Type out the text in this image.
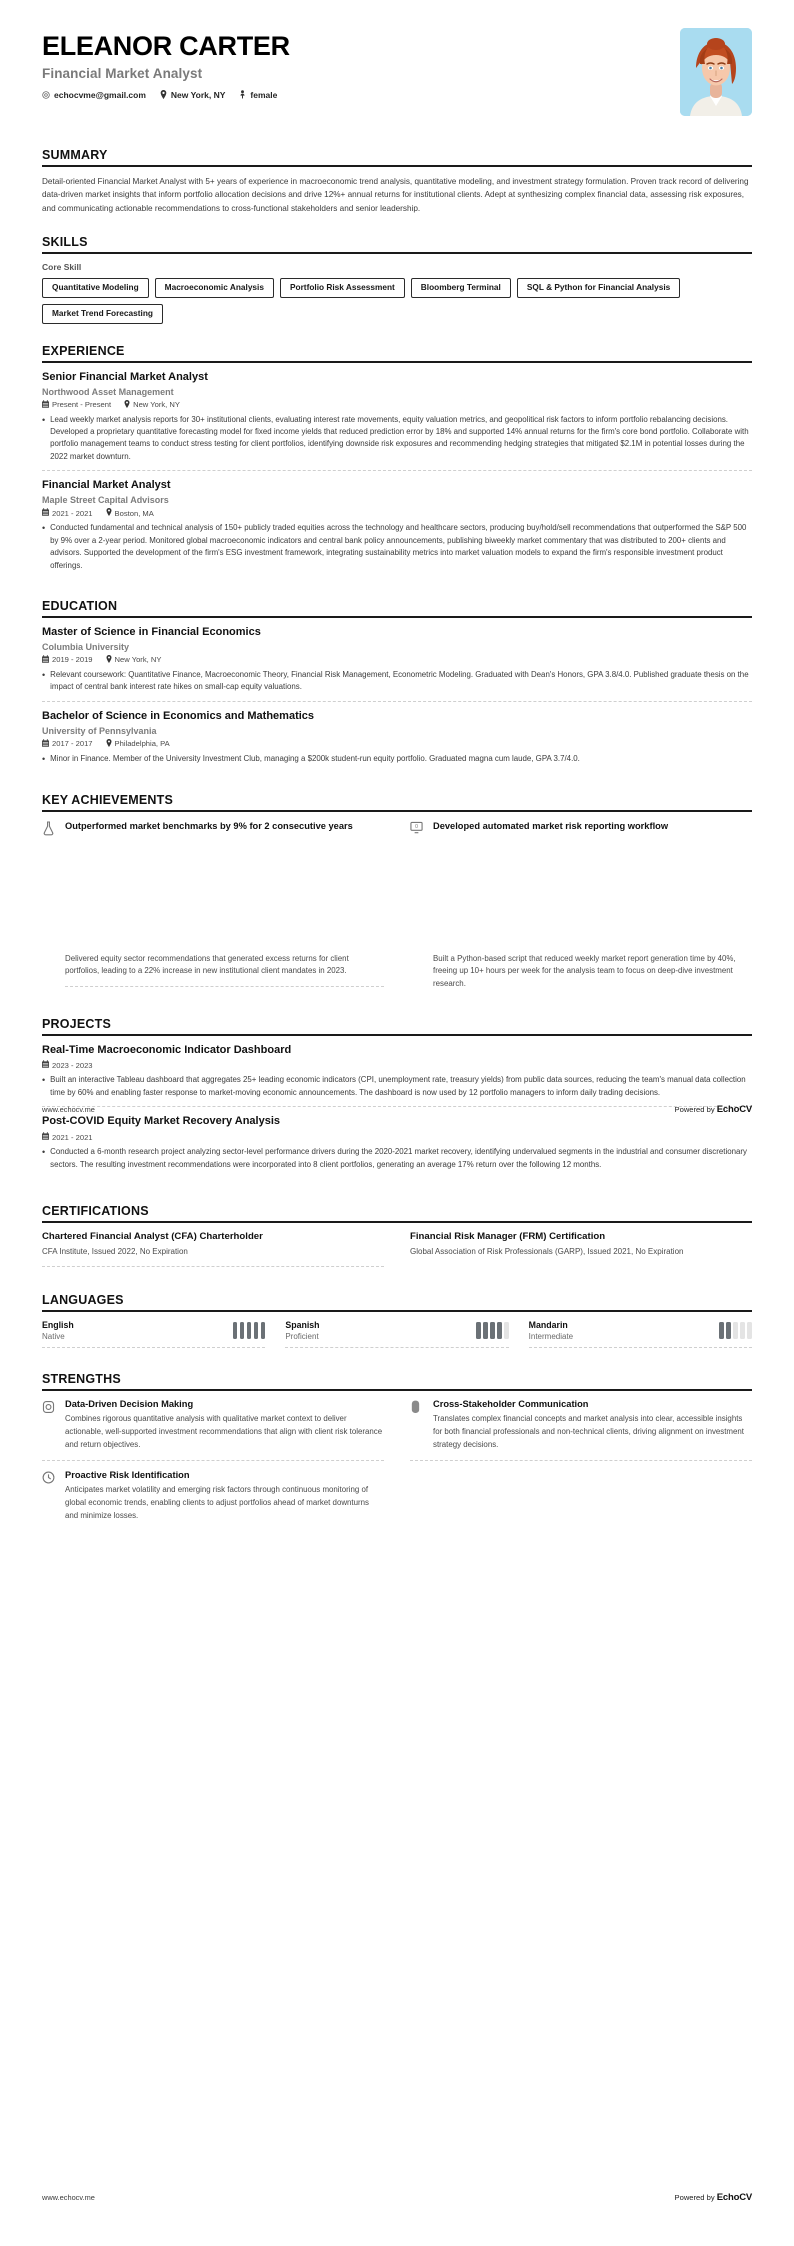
ELEANOR CARTER
Financial Market Analyst
echocvme@gmail.com	New York, NY	female
SUMMARY
Detail-oriented Financial Market Analyst with 5+ years of experience in macroeconomic trend analysis, quantitative modeling, and investment strategy formulation. Proven track record of delivering data-driven market insights that inform portfolio allocation decisions and drive 12%+ annual returns for institutional clients. Adept at synthesizing complex financial data, assessing risk exposures, and communicating actionable recommendations to cross-functional stakeholders and senior leadership.
SKILLS
Core Skill
Quantitative Modeling	Macroeconomic Analysis	Portfolio Risk Assessment	Bloomberg Terminal	SQL & Python for Financial Analysis
Market Trend Forecasting
EXPERIENCE
Senior Financial Market Analyst
Northwood Asset Management
Present - Present	New York, NY
• Lead weekly market analysis reports for 30+ institutional clients, evaluating interest rate movements, equity valuation metrics, and geopolitical risk factors to inform portfolio rebalancing decisions. Developed a proprietary quantitative forecasting model for fixed income yields that reduced prediction error by 18% and supported 14% annual returns for the firm's core bond portfolio. Collaborate with portfolio management teams to conduct stress testing for client portfolios, identifying downside risk exposures and recommending hedging strategies that mitigated $2.1M in potential losses during the 2022 market downturn.
Financial Market Analyst
Maple Street Capital Advisors
2021 - 2021	Boston, MA
• Conducted fundamental and technical analysis of 150+ publicly traded equities across the technology and healthcare sectors, producing buy/hold/sell recommendations that outperformed the S&P 500 by 9% over a 2-year period. Monitored global macroeconomic indicators and central bank policy announcements, publishing biweekly market commentary that was distributed to 200+ clients and advisors. Supported the development of the firm's ESG investment framework, integrating sustainability metrics into market valuation models to expand the firm's responsible investment product offerings.
EDUCATION
Master of Science in Financial Economics
Columbia University
2019 - 2019	New York, NY
• Relevant coursework: Quantitative Finance, Macroeconomic Theory, Financial Risk Management, Econometric Modeling. Graduated with Dean's Honors, GPA 3.8/4.0. Published graduate thesis on the impact of central bank interest rate hikes on small-cap equity valuations.
Bachelor of Science in Economics and Mathematics
University of Pennsylvania
2017 - 2017	Philadelphia, PA
• Minor in Finance. Member of the University Investment Club, managing a $200k student-run equity portfolio. Graduated magna cum laude, GPA 3.7/4.0.
KEY ACHIEVEMENTS
Outperformed market benchmarks by 9% for 2 consecutive years	0 Developed automated market risk reporting workflow
Delivered equity sector recommendations that generated excess returns for client portfolios, leading to a 22% increase in new institutional client mandates in 2023.
Built a Python-based script that reduced weekly market report generation time by 40%, freeing up 10+ hours per week for the analysis team to focus on deep-dive investment research.
PROJECTS
Real-Time Macroeconomic Indicator Dashboard
2023 - 2023
• Built an interactive Tableau dashboard that aggregates 25+ leading economic indicators (CPI, unemployment rate, treasury yields) from public data sources, reducing the team's manual data collection time by 60% and enabling faster response to market-moving economic announcements. The dashboard is now used by 12 portfolio managers to inform daily trading decisions.
Post-COVID Equity Market Recovery Analysis
2021 - 2021
• Conducted a 6-month research project analyzing sector-level performance drivers during the 2020-2021 market recovery, identifying undervalued segments in the industrial and consumer discretionary sectors. The resulting investment recommendations were incorporated into 8 client portfolios, generating an average 17% return over the following 12 months.
CERTIFICATIONS
Chartered Financial Analyst (CFA) Charterholder
CFA Institute, Issued 2022, No Expiration
Financial Risk Manager (FRM) Certification
Global Association of Risk Professionals (GARP), Issued 2021, No Expiration
LANGUAGES
English
Native
Spanish
Proficient
Mandarin
Intermediate
STRENGTHS
Data-Driven Decision Making
Combines rigorous quantitative analysis with qualitative market context to deliver actionable, well-supported investment recommendations that align with client risk tolerance and return objectives.
Proactive Risk Identification
Anticipates market volatility and emerging risk factors through continuous monitoring of global economic trends, enabling clients to adjust portfolios ahead of market downturns and minimize losses.
Cross-Stakeholder Communication
Translates complex financial concepts and market analysis into clear, accessible insights for both financial professionals and non-technical clients, driving alignment on investment strategy decisions.
www.echocv.me	Powered by EchoCV
www.echocv.me	Powered by EchoCV
